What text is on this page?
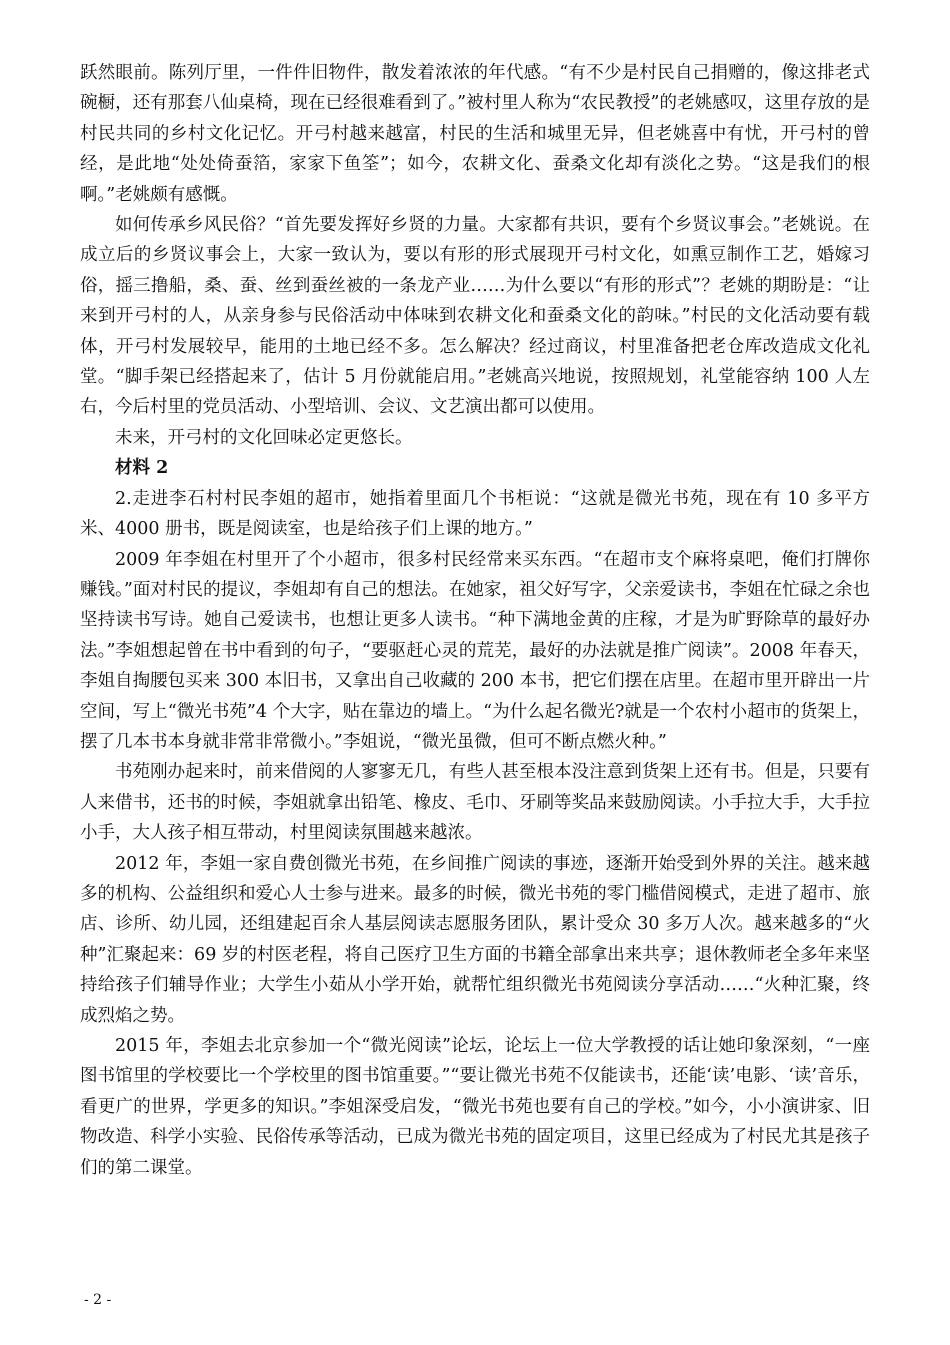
跃然眼前。陈列厅里，一件件旧物件，散发着浓浓的年代感。“有不少是村民自己捐赠的，像这排老式碗橱，还有那套八仙桌椅，现在已经很难看到了。”被村里人称为“农民教授”的老姚感叹，这里存放的是村民共同的乡村文化记忆。开弓村越来越富，村民的生活和城里无异，但老姚喜中有忧，开弓村的曾经，是此地“处处倚蚕箔，家家下鱼筌”；如今，农耕文化、蚕桑文化却有淡化之势。“这是我们的根啊。”老姚颇有感慨。

如何传承乡风民俗？“首先要发挥好乡贤的力量。大家都有共识，要有个乡贤议事会。”老姚说。在成立后的乡贤议事会上，大家一致认为，要以有形的形式展现开弓村文化，如熏豆制作工艺，婚嫁习俗，摇三撸船，桑、蚕、丝到蚕丝被的一条龙产业……为什么要以“有形的形式”？老姚的期盼是：“让来到开弓村的人，从亲身参与民俗活动中体味到农耕文化和蚕桑文化的韵味。”村民的文化活动要有载体，开弓村发展较早，能用的土地已经不多。怎么解决？经过商议，村里准备把老仓库改造成文化礼堂。“脚手架已经搭起来了，估计 5 月份就能启用。”老姚高兴地说，按照规划，礼堂能容纳 100 人左右，今后村里的党员活动、小型培训、会议、文艺演出都可以使用。

未来，开弓村的文化回味必定更悠长。

材料 2

2.走进李石村村民李姐的超市，她指着里面几个书柜说：“这就是微光书苑，现在有 10 多平方米、4000 册书，既是阅读室，也是给孩子们上课的地方。”

2009 年李姐在村里开了个小超市，很多村民经常来买东西。“在超市支个麻将桌吧，俺们打牌你赚钱。”面对村民的提议，李姐却有自己的想法。在她家，祖父好写字，父亲爱读书，李姐在忙碌之余也坚持读书写诗。她自己爱读书，也想让更多人读书。“种下满地金黄的庄稼，才是为旷野除草的最好办法。”李姐想起曾在书中看到的句子，“要驱赶心灵的荒芜，最好的办法就是推广阅读”。2008 年春天，李姐自掏腰包买来 300 本旧书，又拿出自己收藏的 200 本书，把它们摆在店里。在超市里开辟出一片空间，写上“微光书苑”4 个大字，贴在靠边的墙上。“为什么起名微光?就是一个农村小超市的货架上，摆了几本书本身就非常非常微小。”李姐说，“微光虽微，但可不断点燃火种。”

书苑刚办起来时，前来借阅的人寥寥无几，有些人甚至根本没注意到货架上还有书。但是，只要有人来借书，还书的时候，李姐就拿出铅笔、橡皮、毛巾、牙刷等奖品来鼓励阅读。小手拉大手，大手拉小手，大人孩子相互带动，村里阅读氛围越来越浓。

2012 年，李姐一家自费创微光书苑，在乡间推广阅读的事迹，逐渐开始受到外界的关注。越来越多的机构、公益组织和爱心人士参与进来。最多的时候，微光书苑的零门槛借阅模式，走进了超市、旅店、诊所、幼儿园，还组建起百余人基层阅读志愿服务团队，累计受众 30 多万人次。越来越多的“火种”汇聚起来：69 岁的村医老程，将自己医疗卫生方面的书籍全部拿出来共享；退休教师老全多年来坚持给孩子们辅导作业；大学生小茹从小学开始，就帮忙组织微光书苑阅读分享活动……“火种汇聚，终成烈焰之势。

2015 年，李姐去北京参加一个“微光阅读”论坛，论坛上一位大学教授的话让她印象深刻，“一座图书馆里的学校要比一个学校里的图书馆重要。”“要让微光书苑不仅能读书，还能‘读’电影、‘读’音乐，看更广的世界，学更多的知识。”李姐深受启发，“微光书苑也要有自己的学校。”如今，小小演讲家、旧物改造、科学小实验、民俗传承等活动，已成为微光书苑的固定项目，这里已经成为了村民尤其是孩子们的第二课堂。

- 2 -
